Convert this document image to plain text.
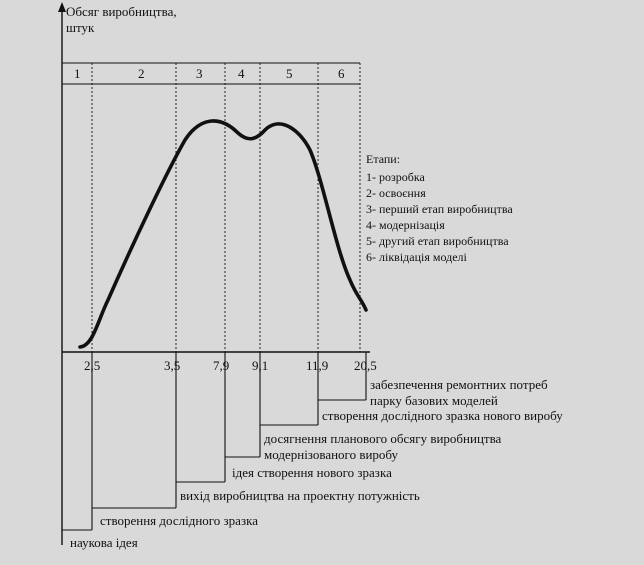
Обсяг виробництва,
штук
1	2	3	4	5	6
Етапи:
1- розробка
2- освоєння
3- перший етап виробництва
4- модернізація
5- другий етап виробництва
6- ліквідація моделі
2,5	3,5	7,9 9,1	11,9 20,5
наукова ідея
створення дослідного зразка
вихід виробництва на проектну потужність
ідея створення нового зразка
досягнення планового обсягу виробництва
модернізованого виробу
створення дослідного зразка нового виробу
забезпечення ремонтних потреб
парку базових моделей
